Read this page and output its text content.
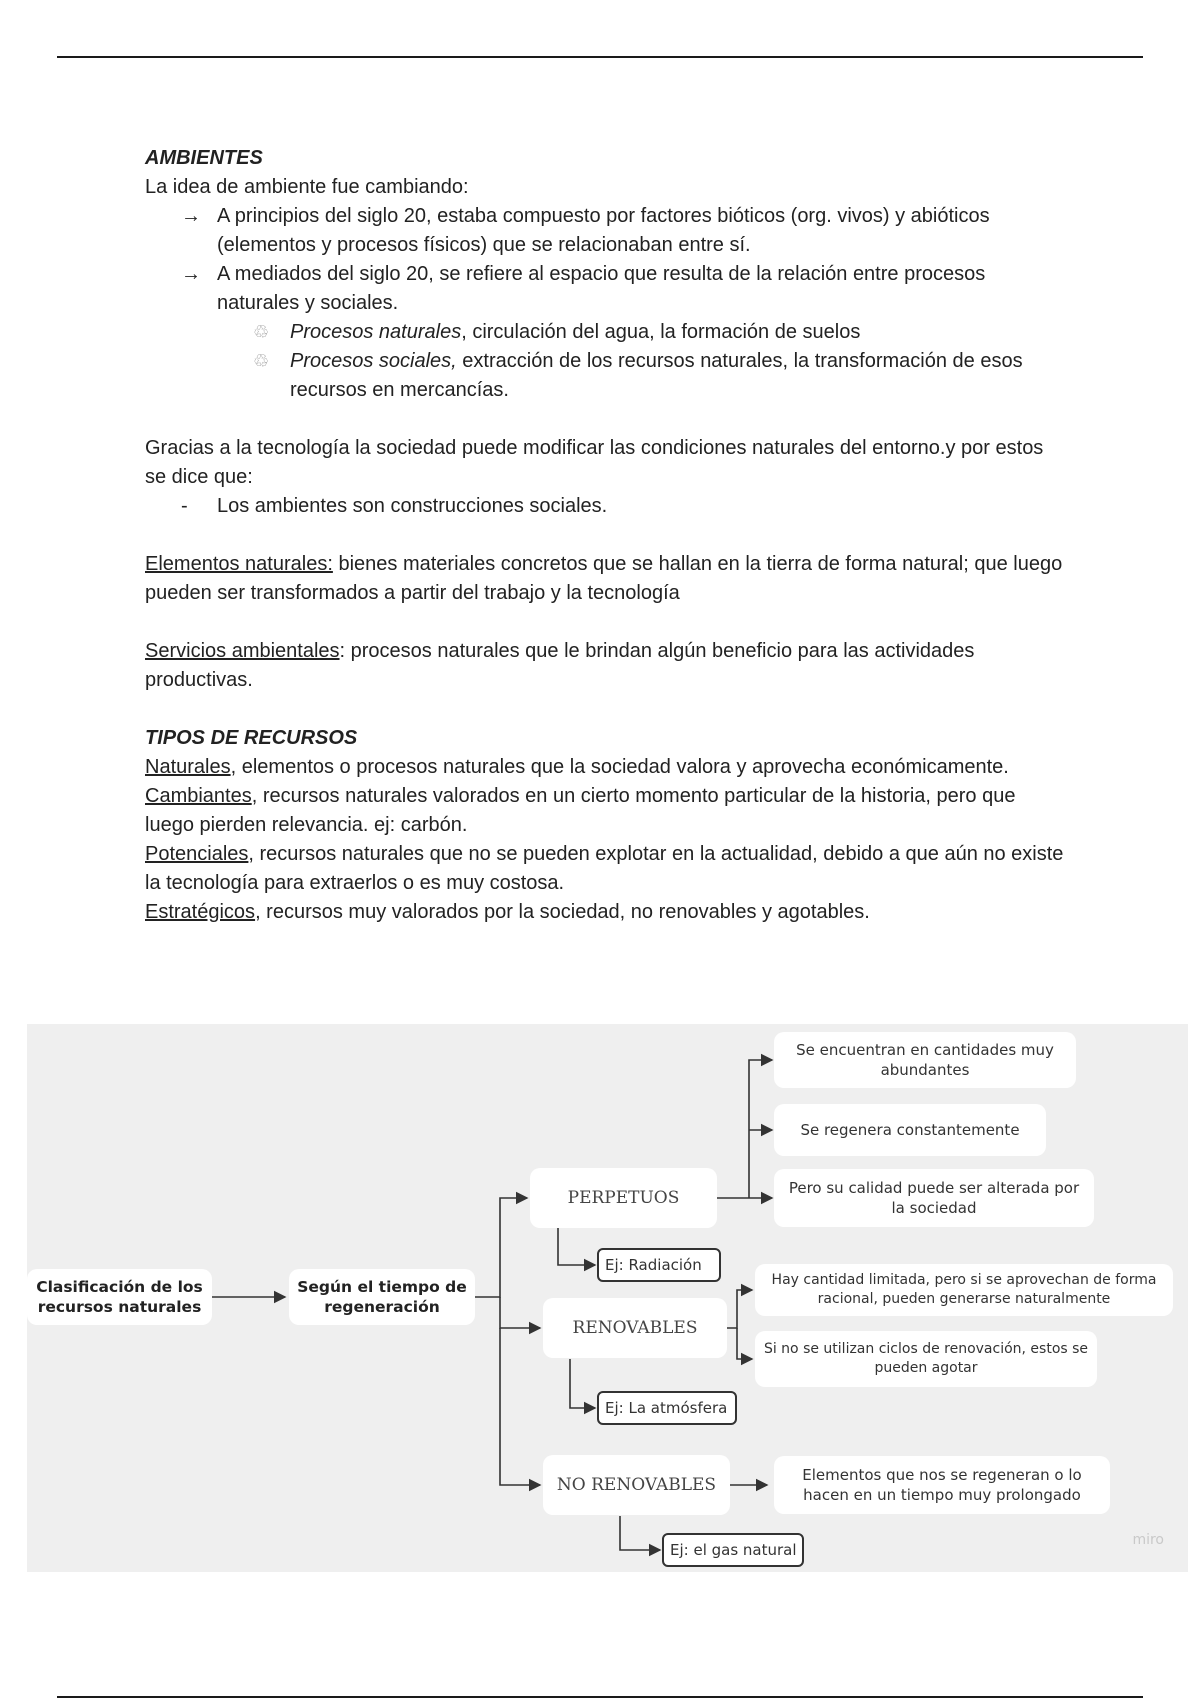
AMBIENTES

La idea de ambiente fue cambiando:

→ A principios del siglo 20, estaba compuesto por factores bióticos (org. vivos) y abióticos (elementos y procesos físicos) que se relacionaban entre sí.

→ A mediados del siglo 20, se refiere al espacio que resulta de la relación entre procesos naturales y sociales.

♲ Procesos naturales, circulación del agua, la formación de suelos

♲ Procesos sociales, extracción de los recursos naturales, la transformación de esos recursos en mercancías.

Gracias a la tecnología la sociedad puede modificar las condiciones naturales del entorno.y por estos se dice que:

- Los ambientes son construcciones sociales.

Elementos naturales: bienes materiales concretos que se hallan en la tierra de forma natural; que luego pueden ser transformados a partir del trabajo y la tecnología

Servicios ambientales: procesos naturales que le brindan algún beneficio para las actividades productivas.

TIPOS DE RECURSOS

Naturales, elementos o procesos naturales que la sociedad valora y aprovecha económicamente.

Cambiantes, recursos naturales valorados en un cierto momento particular de la historia, pero que luego pierden relevancia. ej: carbón.

Potenciales, recursos naturales que no se pueden explotar en la actualidad, debido a que aún no existe la tecnología para extraerlos o es muy costosa.

Estratégicos, recursos muy valorados por la sociedad, no renovables y agotables.

Clasificación de los recursos naturales
Según el tiempo de regeneración
PERPETUOS
RENOVABLES
NO RENOVABLES
Se encuentran en cantidades muy abundantes
Se regenera constantemente
Pero su calidad puede ser alterada por la sociedad
Hay cantidad limitada, pero si se aprovechan de forma racional, pueden generarse naturalmente
Si no se utilizan ciclos de renovación, estos se pueden agotar
Elementos que nos se regeneran o lo hacen en un tiempo muy prolongado
Ej: Radiación
Ej: La atmósfera
Ej: el gas natural
miro
